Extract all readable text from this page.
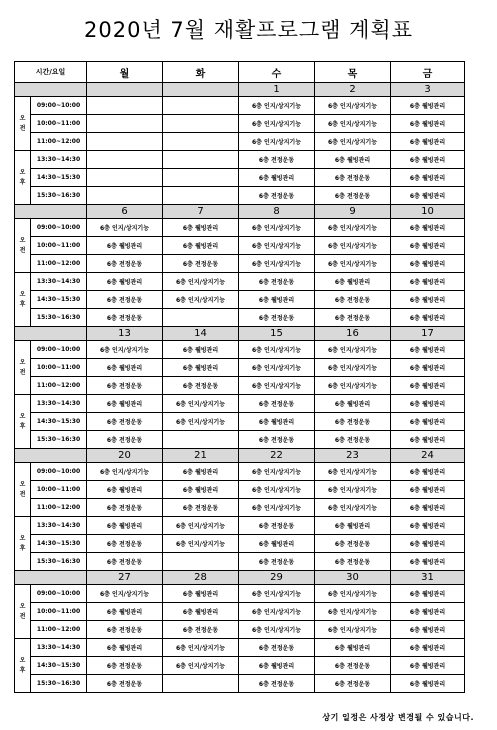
2020년 7월 재활프로그램 계획표
시간/요일		월	화	수	목	금
				1	2	3
오
전	09:00~10:00			6층 인지/상지기능	6층 인지/상지기능	6층 웰빙관리
	10:00~11:00			6층 인지/상지기능	6층 인지/상지기능	6층 웰빙관리
	11:00~12:00			6층 인지/상지기능	6층 인지/상지기능	6층 웰빙관리
오
후	13:30~14:30			6층 전정운동	6층 웰빙관리	6층 웰빙관리
	14:30~15:30			6층 웰빙관리	6층 전정운동	6층 웰빙관리
	15:30~16:30			6층 전정운동	6층 전정운동	6층 웰빙관리
		6	7	8	9	10
오
전	09:00~10:00	6층 인지/상지기능	6층 웰빙관리	6층 인지/상지기능	6층 인지/상지기능	6층 웰빙관리
	10:00~11:00	6층 웰빙관리	6층 웰빙관리	6층 인지/상지기능	6층 인지/상지기능	6층 웰빙관리
	11:00~12:00	6층 전정운동	6층 전정운동	6층 인지/상지기능	6층 인지/상지기능	6층 웰빙관리
오
후	13:30~14:30	6층 웰빙관리	6층 인지/상지기능	6층 전정운동	6층 웰빙관리	6층 웰빙관리
	14:30~15:30	6층 전정운동	6층 인지/상지기능	6층 웰빙관리	6층 전정운동	6층 웰빙관리
	15:30~16:30	6층 전정운동		6층 전정운동	6층 전정운동	6층 웰빙관리
		13	14	15	16	17
오
전	09:00~10:00	6층 인지/상지기능	6층 웰빙관리	6층 인지/상지기능	6층 인지/상지기능	6층 웰빙관리
	10:00~11:00	6층 웰빙관리	6층 웰빙관리	6층 인지/상지기능	6층 인지/상지기능	6층 웰빙관리
	11:00~12:00	6층 전정운동	6층 전정운동	6층 인지/상지기능	6층 인지/상지기능	6층 웰빙관리
오
후	13:30~14:30	6층 웰빙관리	6층 인지/상지기능	6층 전정운동	6층 웰빙관리	6층 웰빙관리
	14:30~15:30	6층 전정운동	6층 인지/상지기능	6층 웰빙관리	6층 전정운동	6층 웰빙관리
	15:30~16:30	6층 전정운동		6층 전정운동	6층 전정운동	6층 웰빙관리
		20	21	22	23	24
오
전	09:00~10:00	6층 인지/상지기능	6층 웰빙관리	6층 인지/상지기능	6층 인지/상지기능	6층 웰빙관리
	10:00~11:00	6층 웰빙관리	6층 웰빙관리	6층 인지/상지기능	6층 인지/상지기능	6층 웰빙관리
	11:00~12:00	6층 전정운동	6층 전정운동	6층 인지/상지기능	6층 인지/상지기능	6층 웰빙관리
오
후	13:30~14:30	6층 웰빙관리	6층 인지/상지기능	6층 전정운동	6층 웰빙관리	6층 웰빙관리
	14:30~15:30	6층 전정운동	6층 인지/상지기능	6층 웰빙관리	6층 전정운동	6층 웰빙관리
	15:30~16:30	6층 전정운동		6층 전정운동	6층 전정운동	6층 웰빙관리
		27	28	29	30	31
오
전	09:00~10:00	6층 인지/상지기능	6층 웰빙관리	6층 인지/상지기능	6층 인지/상지기능	6층 웰빙관리
	10:00~11:00	6층 웰빙관리	6층 웰빙관리	6층 인지/상지기능	6층 인지/상지기능	6층 웰빙관리
	11:00~12:00	6층 전정운동	6층 전정운동	6층 인지/상지기능	6층 인지/상지기능	6층 웰빙관리
오
후	13:30~14:30	6층 웰빙관리	6층 인지/상지기능	6층 전정운동	6층 웰빙관리	6층 웰빙관리
	14:30~15:30	6층 전정운동	6층 인지/상지기능	6층 웰빙관리	6층 전정운동	6층 웰빙관리
	15:30~16:30	6층 전정운동		6층 전정운동	6층 전정운동	6층 웰빙관리
상기 일정은 사정상 변경될 수 있습니다.
